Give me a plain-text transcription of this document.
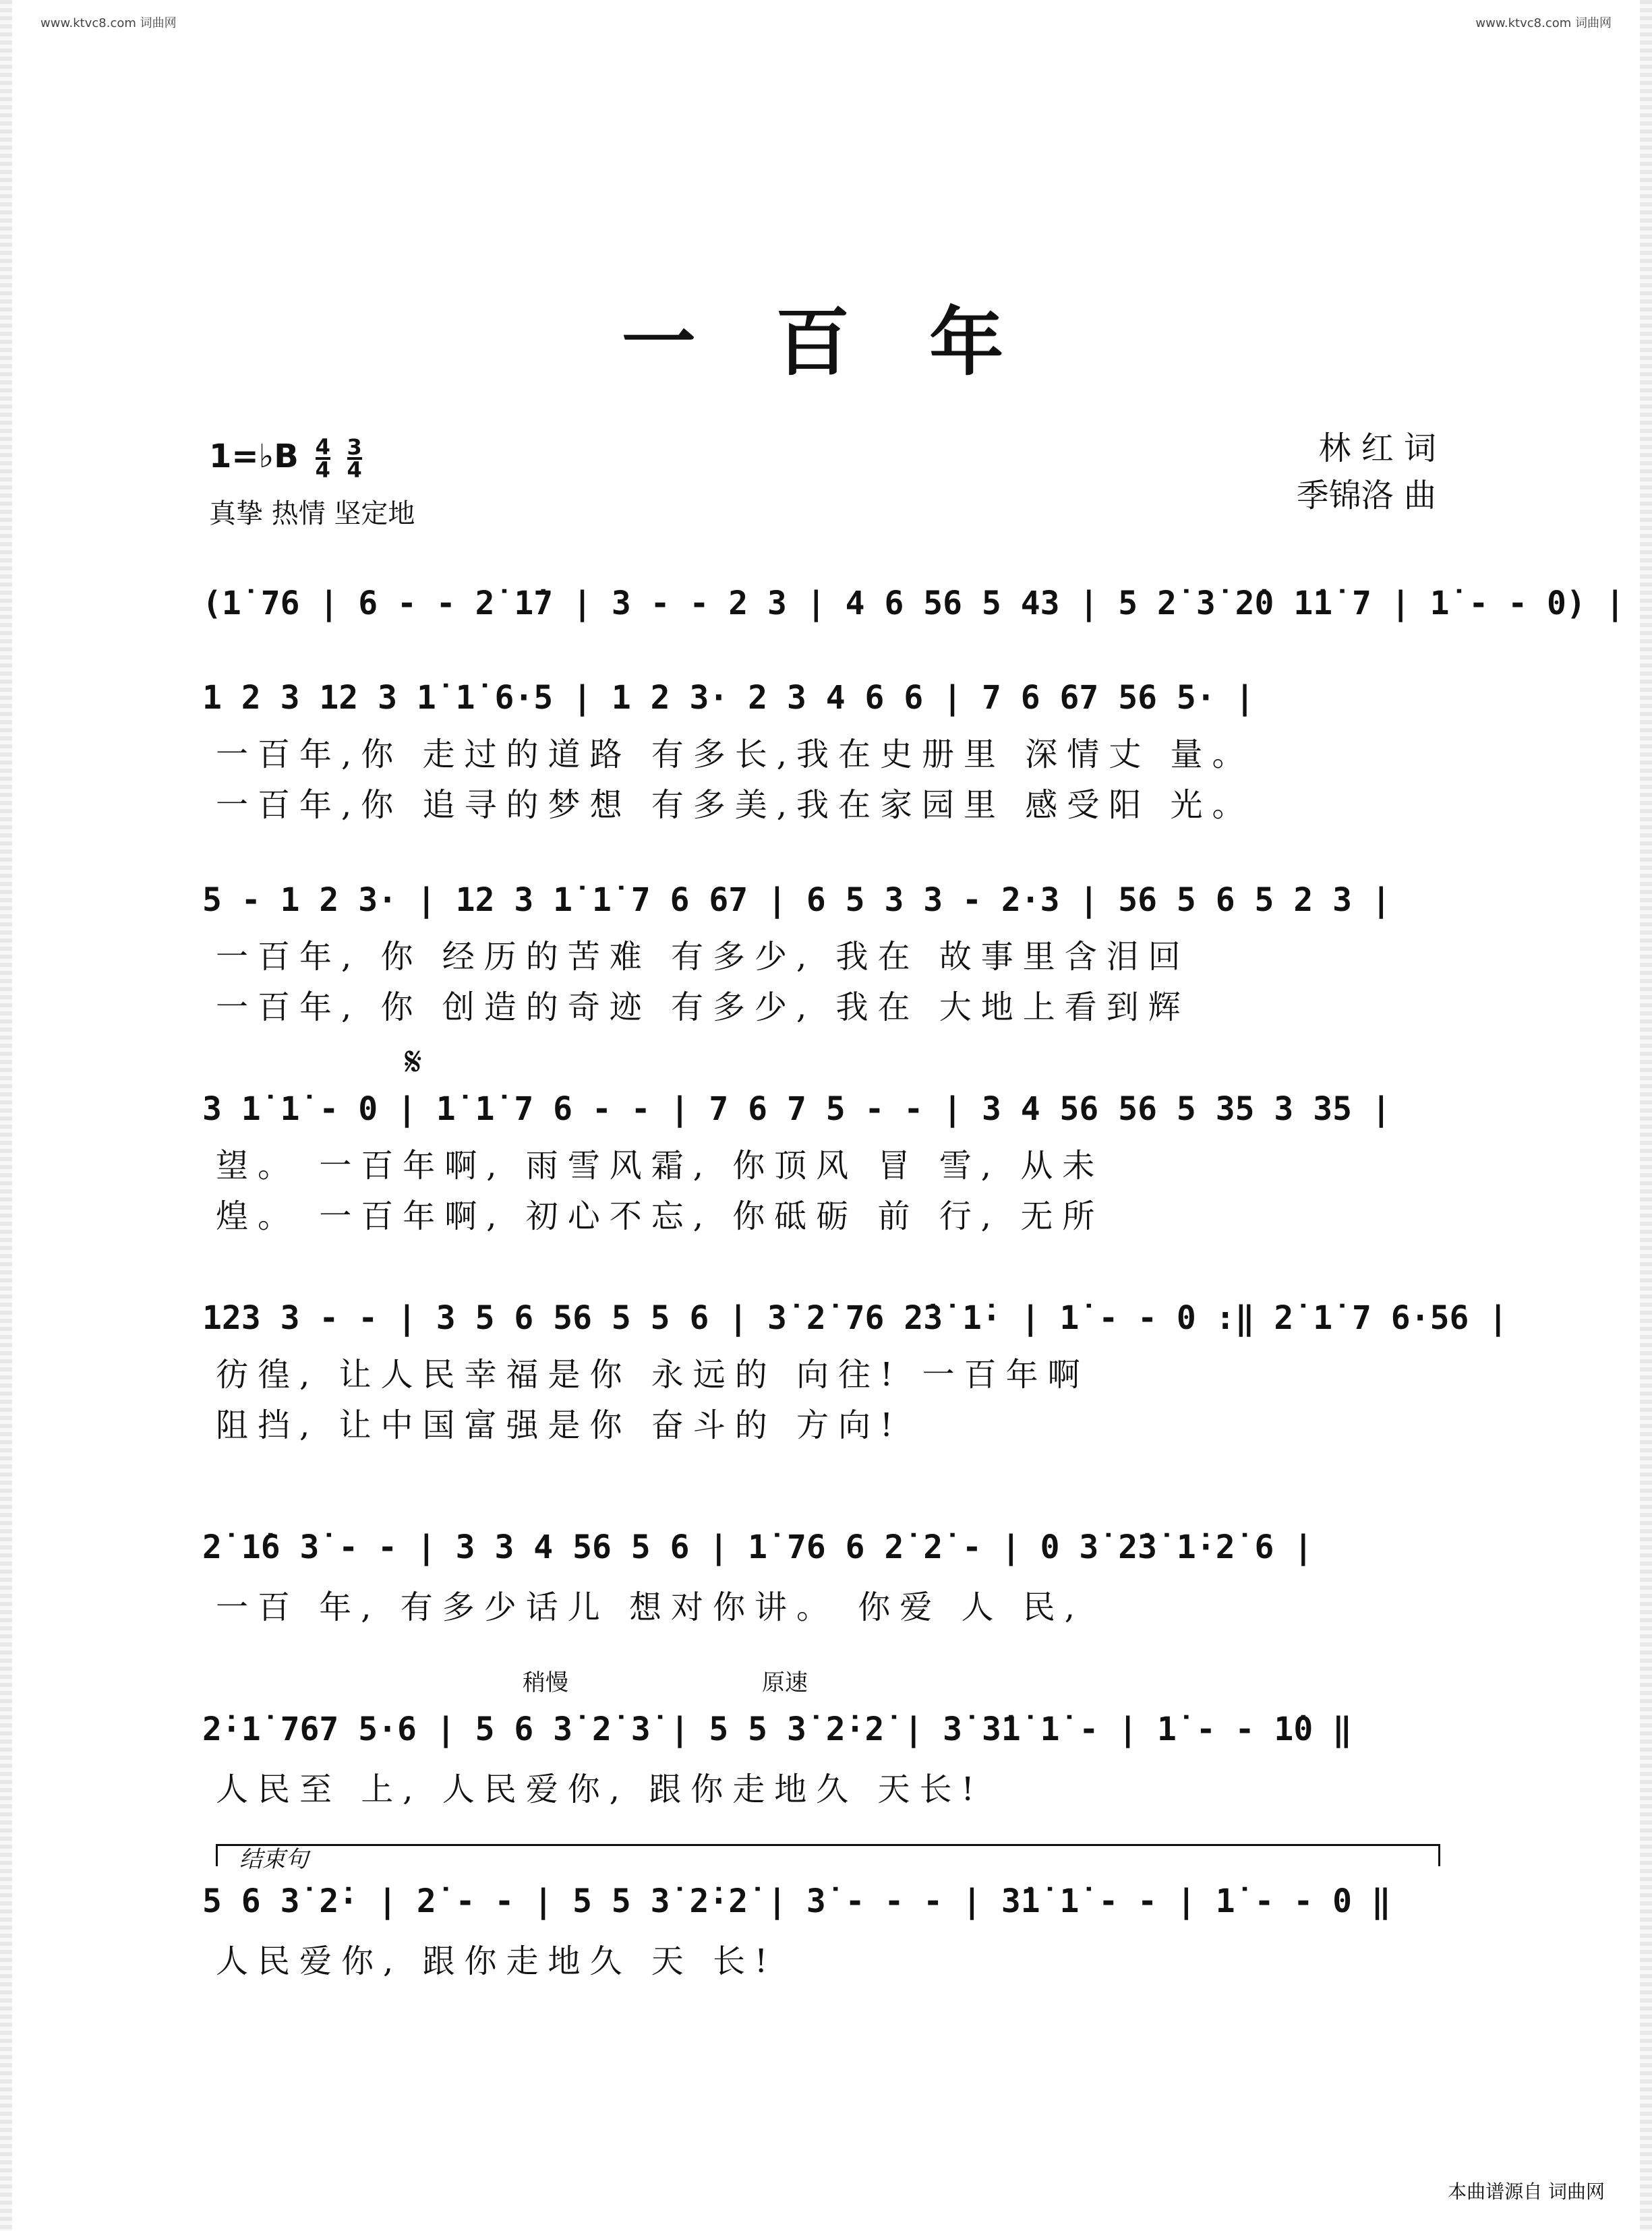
www.ktvc8.com 词曲网	www.ktvc8.com 词曲网
一 百 年
1=♭B $\frac{4}{4}$
$\frac{3}{4}$
真挚 热情 坚定地
林 红 词
季锦洛 曲
(1̇ 76 | 6 - - 2̇ 1̇7 | 3 - - 2 3 | 4 6 56 5 43 | 5 2̇ 3̇ 2̇0 1̇1̇ 7 | 1̇ - - 0) |
1 2 3 12 3 1̇ 1̇ 6·5 | 1 2 3· 2 3 4 6 6 | 7 6 67 56 5· |
一百年,你 走过的道路 有多长,我在史册里 深情丈 量。
一百年,你 追寻的梦想 有多美,我在家园里 感受阳 光。
5 - 1 2 3· | 12 3 1̇ 1̇ 7 6 67 | 6 5 3 3 - 2·3 | 56 5 6 5 2 3 |
一百年, 你 经历的苦难 有多少, 我在 故事里含泪回
一百年, 你 创造的奇迹 有多少, 我在 大地上看到辉
𝄋
3 1̇ 1̇ - 0 | 1̇ 1̇ 7 6 - - | 7 6 7 5 - - | 3 4 56 56 5 35 3 35 |
望。 一百年啊, 雨雪风霜, 你顶风 冒 雪, 从未
煌。 一百年啊, 初心不忘, 你砥砺 前 行, 无所
123 3 - - | 3 5 6 56 5 5 6 | 3̇ 2̇ 76 2̇3̇ 1̇· | 1̇ - - 0 :‖ 2̇ 1̇ 7 6·56 |
彷徨, 让人民幸福是你 永远的 向往! 一百年啊
阻挡, 让中国富强是你 奋斗的 方向!
2̇ 1̇6 3̇ - - | 3 3 4 56 5 6 | 1̇ 76 6 2̇ 2̇ - | 0 3̇ 2̇3̇ 1̇·2̇ 6 |
一百 年, 有多少话儿 想对你讲。 你爱 人 民,
稍慢	原速
2̇·1̇ 767 5·6 | 5 6 3̇ 2̇ 3̇ | 5 5 3̇ 2̇·2̇ | 3̇ 3̇1̇ 1̇ - | 1̇ - - 1̇0 ‖
人民至 上, 人民爱你, 跟你走地久 天长!
结束句
5 6 3̇ 2̇· | 2̇ - - | 5 5 3̇ 2̇·2̇ | 3̇ - - - | 3̇1̇ 1̇ - - | 1̇ - - 0 ‖
人民爱你, 跟你走地久 天 长!
本曲谱源自 词曲网
